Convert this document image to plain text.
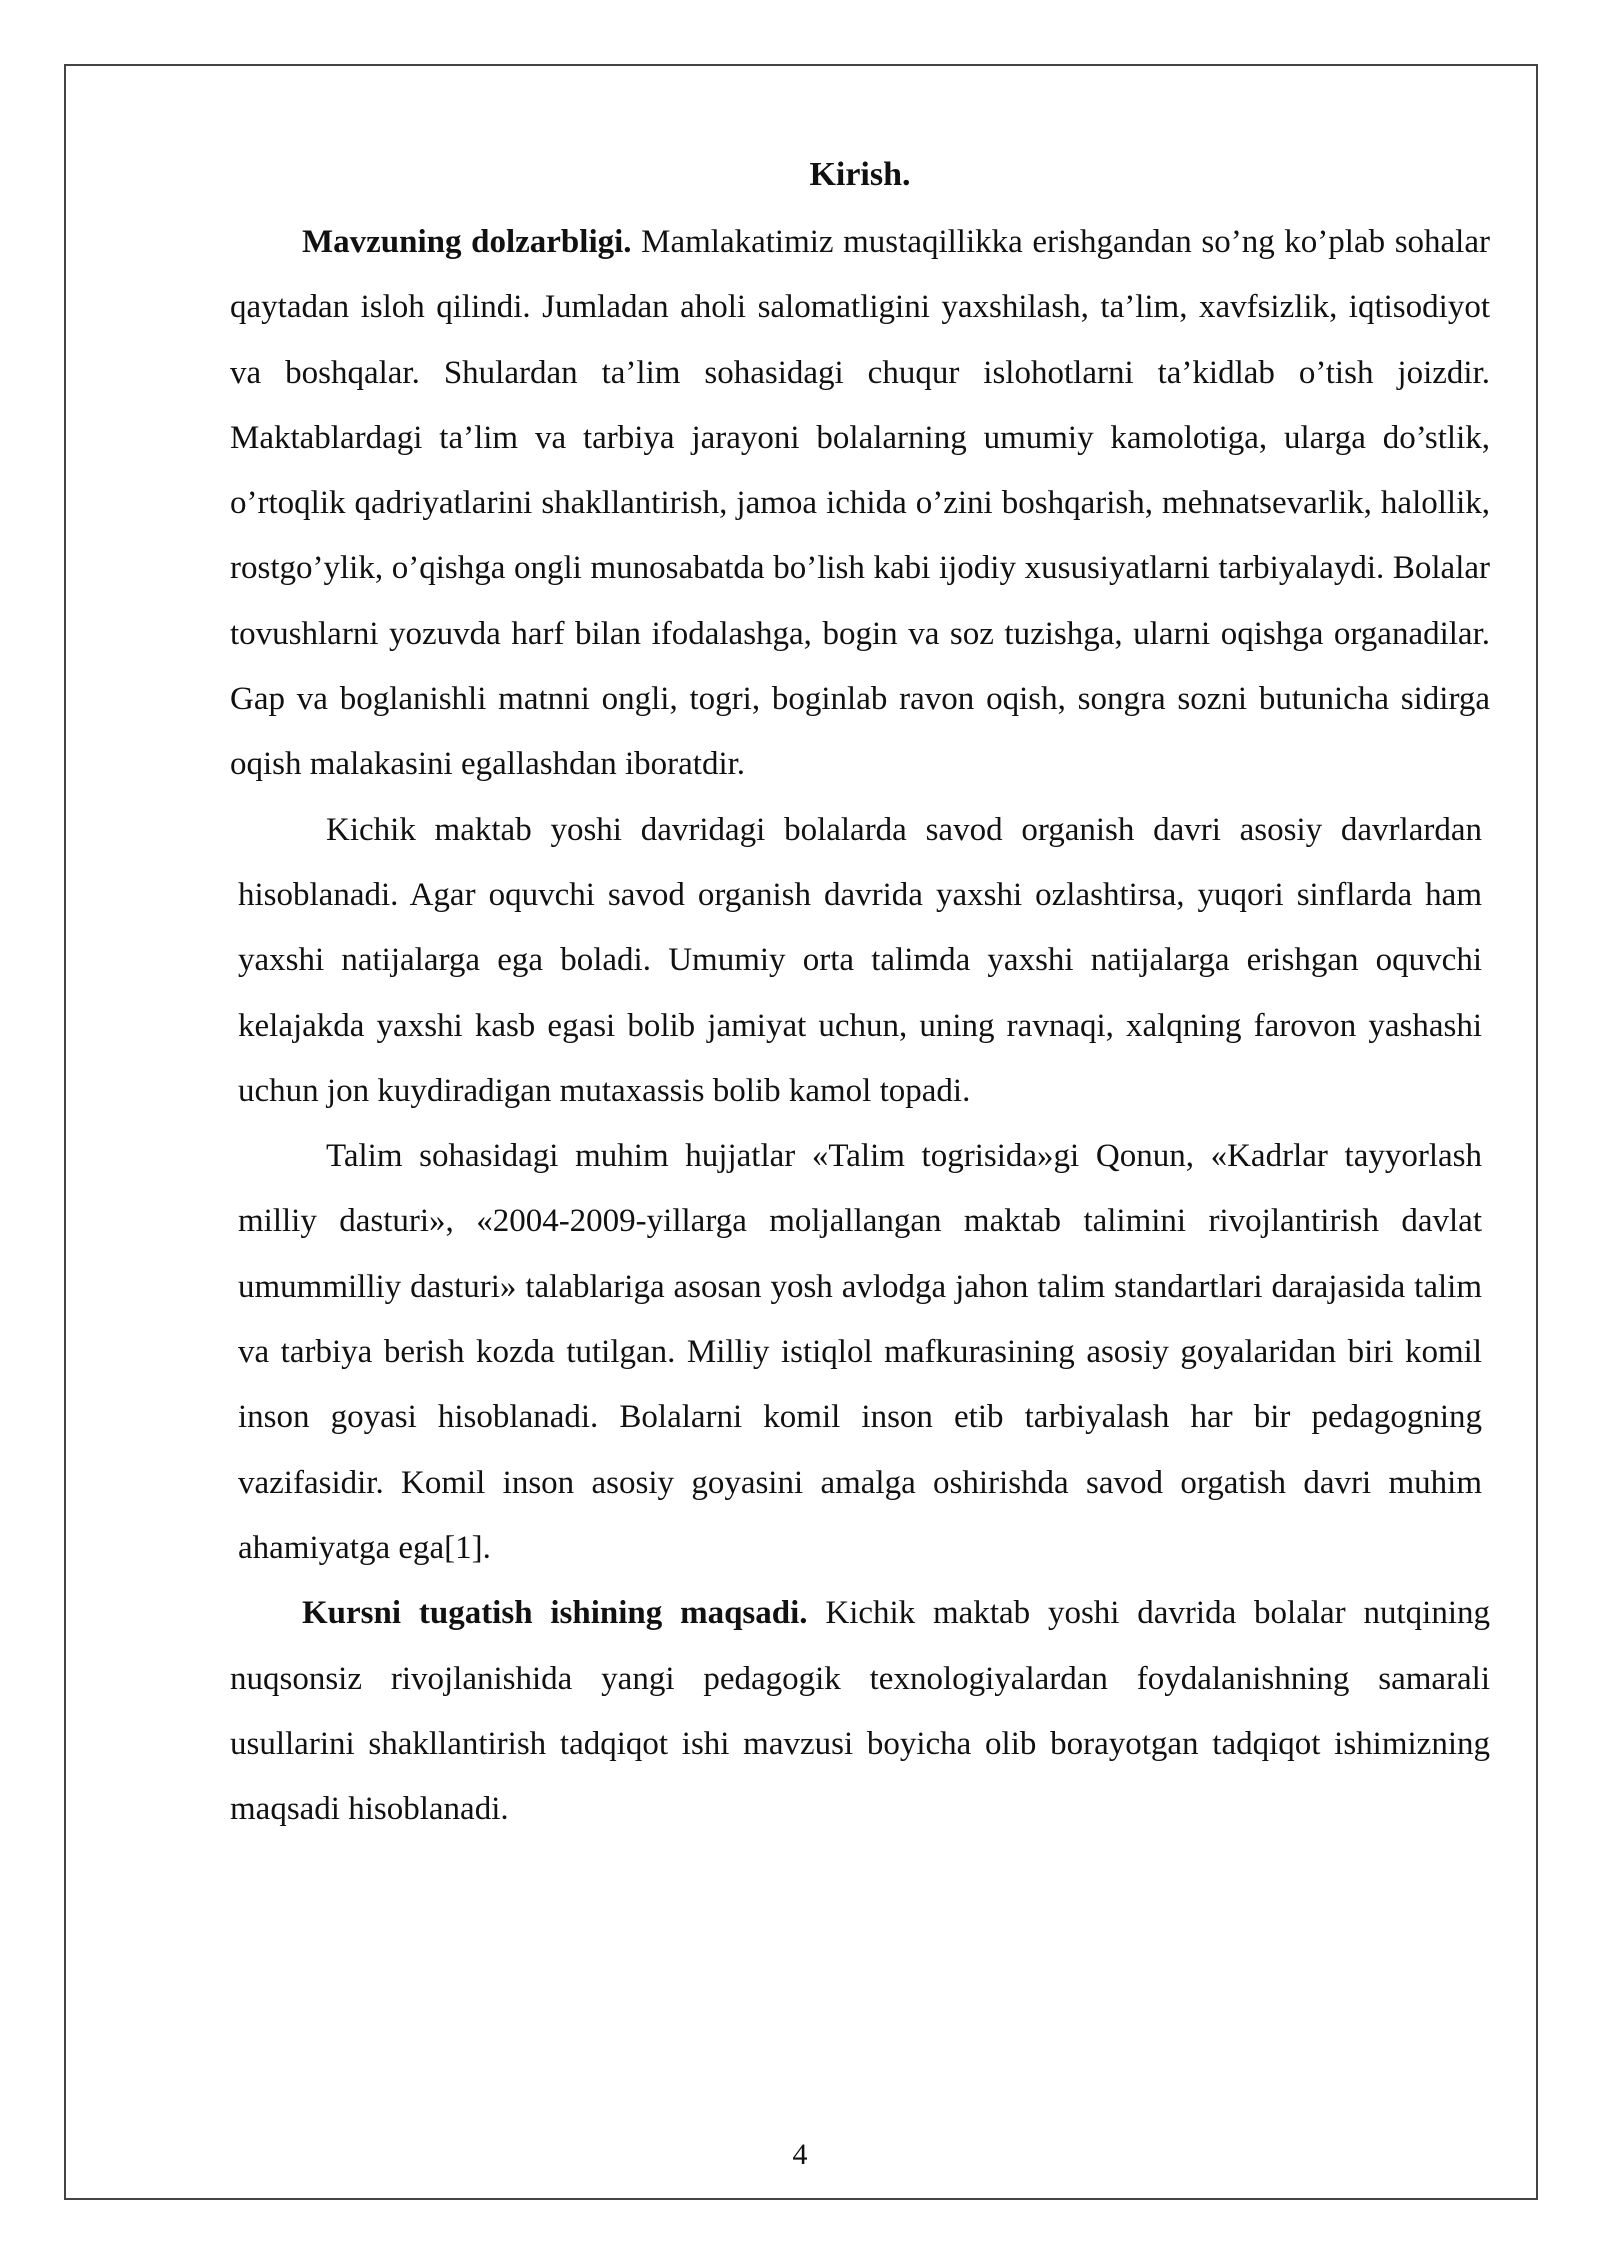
Kirish.

Mavzuning dolzarbligi. Mamlakatimiz mustaqillikka erishgandan so’ng ko’plab sohalar qaytadan isloh qilindi. Jumladan aholi salomatligini yaxshilash, ta’lim, xavfsizlik, iqtisodiyot va boshqalar. Shulardan ta’lim sohasidagi chuqur islohotlarni ta’kidlab o’tish joizdir. Maktablardagi ta’lim va tarbiya jarayoni bolalarning umumiy kamolotiga, ularga do’stlik, o’rtoqlik qadriyatlarini shakllantirish, jamoa ichida o’zini boshqarish, mehnatsevarlik, halollik, rostgo’ylik, o’qishga ongli munosabatda bo’lish kabi ijodiy xususiyatlarni tarbiyalaydi. Bolalar tovushlarni yozuvda harf bilan ifodalashga, bogin va soz tuzishga, ularni oqishga organadilar. Gap va boglanishli matnni ongli, togri, boginlab ravon oqish, songra sozni butunicha sidirga oqish malakasini egallashdan iboratdir.

Kichik maktab yoshi davridagi bolalarda savod organish davri asosiy davrlardan hisoblanadi. Agar oquvchi savod organish davrida yaxshi ozlashtirsa, yuqori sinflarda ham yaxshi natijalarga ega boladi. Umumiy orta talimda yaxshi natijalarga erishgan oquvchi kelajakda yaxshi kasb egasi bolib jamiyat uchun, uning ravnaqi, xalqning farovon yashashi uchun jon kuydiradigan mutaxassis bolib kamol topadi.

Talim sohasidagi muhim hujjatlar «Talim togrisida»gi Qonun, «Kadrlar tayyorlash milliy dasturi», «2004-2009-yillarga moljallangan maktab talimini rivojlantirish davlat umummilliy dasturi» talablariga asosan yosh avlodga jahon talim standartlari darajasida talim va tarbiya berish kozda tutilgan. Milliy istiqlol mafkurasining asosiy goyalaridan biri komil inson goyasi hisoblanadi. Bolalarni komil inson etib tarbiyalash har bir pedagogning vazifasidir. Komil inson asosiy goyasini amalga oshirishda savod orgatish davri muhim ahamiyatga ega[1].

Kursni tugatish ishining maqsadi. Kichik maktab yoshi davrida bolalar nutqining nuqsonsiz rivojlanishida yangi pedagogik texnologiyalardan foydalanishning samarali usullarini shakllantirish tadqiqot ishi mavzusi boyicha olib borayotgan tadqiqot ishimizning maqsadi hisoblanadi.

4
